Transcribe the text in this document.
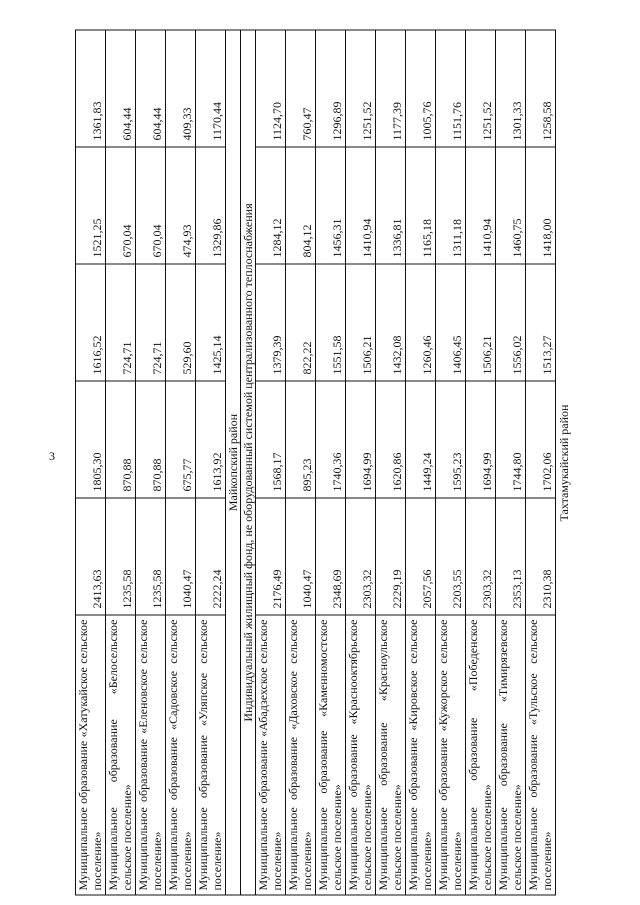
3
Муниципальное образование «Хатукайское сельское поселение»	2413,63	1805,30	1616,52	1521,25	1361,83
Муниципальное образование «Белосельское сельское поселение»	1235,58	870,88	724,71	670,04	604,44
Муниципальное образование «Еленовское сельское поселение»	1235,58	870,88	724,71	670,04	604,44
Муниципальное образование «Садовское сельское поселение»	1040,47	675,77	529,60	474,93	409,33
Муниципальное образование «Уляпское сельское поселение»	2222,24	1613,92	1425,14	1329,86	1170,44
Майкопский район					
Индивидуальный жилищный фонд, не оборудованный системой централизованного теплоснабжения					
Муниципальное образование «Абадзехское сельское поселение»	2176,49	1568,17	1379,39	1284,12	1124,70
Муниципальное образование «Даховское сельское поселение»	1040,47	895,23	822,22	804,12	760,47
Муниципальное образование «Каменномостское сельское поселение»	2348,69	1740,36	1551,58	1456,31	1296,89
Муниципальное образование «Краснооктябрьское сельское поселение»	2303,32	1694,99	1506,21	1410,94	1251,52
Муниципальное образование «Красноульское сельское поселение»	2229,19	1620,86	1432,08	1336,81	1177,39
Муниципальное образование «Кировское сельское поселение»	2057,56	1449,24	1260,46	1165,18	1005,76
Муниципальное образование «Кужорское сельское поселение»	2203,55	1595,23	1406,45	1311,18	1151,76
Муниципальное образование «Победенское сельское поселение»	2303,32	1694,99	1506,21	1410,94	1251,52
Муниципальное образование «Тимирязевское сельское поселение»	2353,13	1744,80	1556,02	1460,75	1301,33
Муниципальное образование «Тульское сельское поселение»	2310,38	1702,06	1513,27	1418,00	1258,58
Тахтамукайский район
